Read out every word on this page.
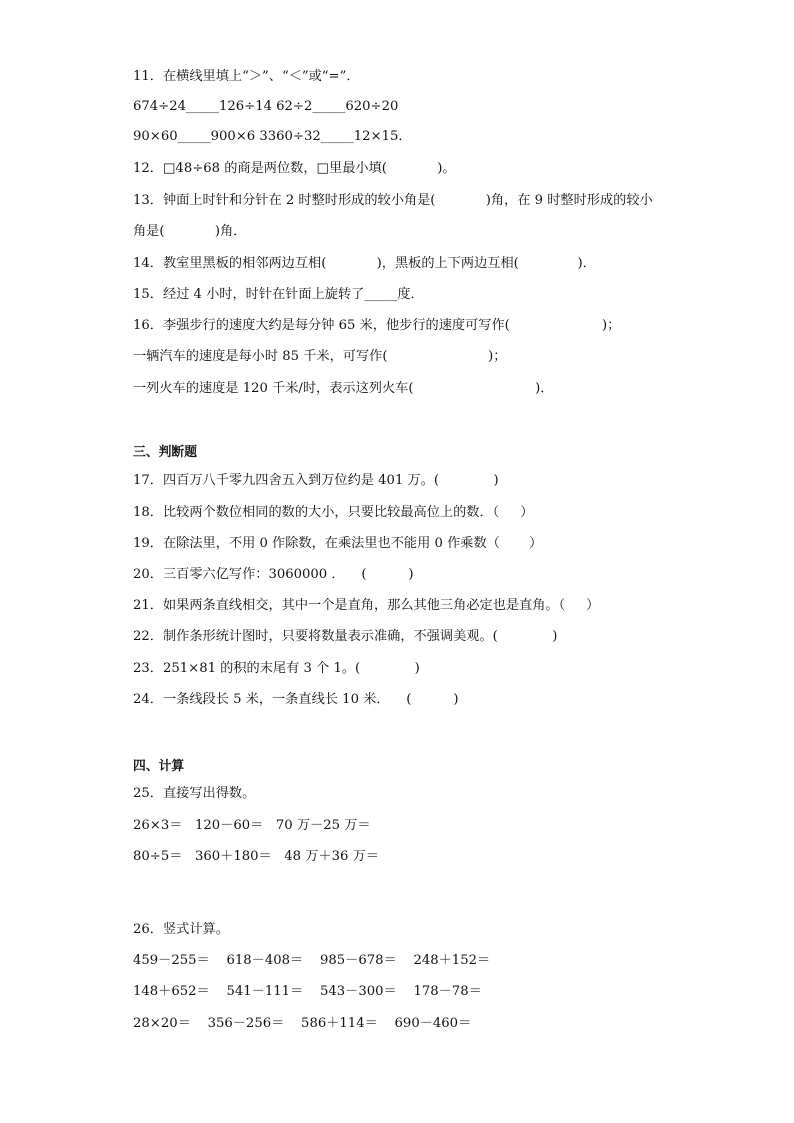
11．在横线里填上“＞”、“＜”或“=”．
674÷24_____126÷14 62÷2_____620÷20
90×60_____900×6 3360÷32_____12×15．
12．□48÷68 的商是两位数，□里最小填(            )。
13．钟面上时针和分针在 2 时整时形成的较小角是(            )角，在 9 时整时形成的较小
角是(            )角．
14．教室里黑板的相邻两边互相(            )，黑板的上下两边互相(              )．
15．经过 4 小时，时针在针面上旋转了_____度．
16．李强步行的速度大约是每分钟 65 米，他步行的速度可写作(                      )；
一辆汽车的速度是每小时 85 千米，可写作(                        )；
一列火车的速度是 120 千米/时，表示这列火车(                             )．
三、判断题
17．四百万八千零九四舍五入到万位约是 401 万。(             )
18．比较两个数位相同的数的大小，只要比较最高位上的数．（     ）
19．在除法里，不用 0 作除数，在乘法里也不能用 0 作乘数（       ）
20．三百零六亿写作：3060000 ．    (          )
21．如果两条直线相交，其中一个是直角，那么其他三角必定也是直角。（     ）
22．制作条形统计图时，只要将数量表示准确，不强调美观。(             )
23．251×81 的积的末尾有 3 个 1。(             )
24．一条线段长 5 米，一条直线长 10 米．    (          )
四、计算
25．直接写出得数。
26×3＝   120－60＝   70 万－25 万＝
80÷5＝   360＋180＝   48 万＋36 万＝
26．竖式计算。
459－255＝    618－408＝    985－678＝    248＋152＝
148＋652＝    541－111＝    543－300＝    178－78＝
28×20＝    356－256＝    586＋114＝    690－460＝
